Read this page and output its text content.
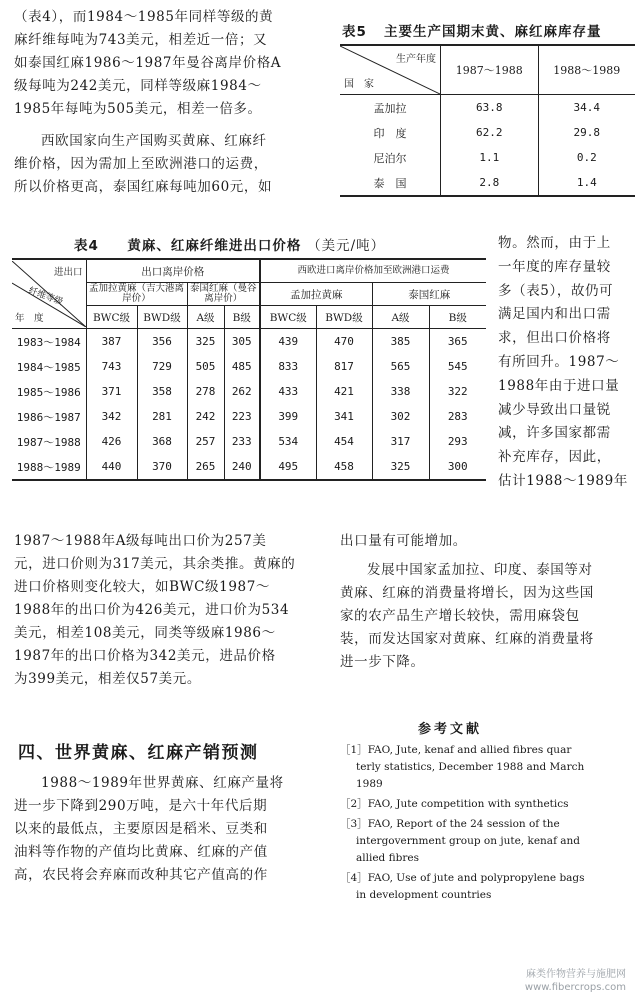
（表4），而1984～1985年同样等级的黄

麻纤维每吨为743美元，相差近一倍；又

如泰国红麻1986～1987年曼谷离岸价格A

级每吨为242美元，同样等级麻1984～

1985年每吨为505美元，相差一倍多。

西欧国家向生产国购买黄麻、红麻纤

维价格，因为需加上至欧洲港口的运费，

所以价格更高，泰国红麻每吨加60元，如

表5 主要生产国期末黄、麻红麻库存量
生产年度
国　家	1987～1988	1988～1989
孟加拉	63.8	34.4
印　度	62.2	29.8
尼泊尔	1.1	0.2
泰　国	2.8	1.4
表4 黄麻、红麻纤维进出口价格 （美元/吨）
进出口
纤维等级
年　度	出口离岸价格				西欧进口离岸价格加至欧洲港口运费			
	孟加拉黄麻（吉大港离岸价）		泰国红麻（曼谷离岸价）		孟加拉黄麻		泰国红麻	
	BWC级	BWD级	A级	B级	BWC级	BWD级	A级	B级
1983～1984	387	356	325	305	439	470	385	365
1984～1985	743	729	505	485	833	817	565	545
1985～1986	371	358	278	262	433	421	338	322
1986～1987	342	281	242	223	399	341	302	283
1987～1988	426	368	257	233	534	454	317	293
1988～1989	440	370	265	240	495	458	325	300

物。然而，由于上

一年度的库存量较

多（表5），故仍可

满足国内和出口需

求，但出口价格将

有所回升。1987～

1988年由于进口量

减少导致出口量锐

减，许多国家都需

补充库存，因此，

估计1988～1989年

1987～1988年A级每吨出口价为257美

元，进口价则为317美元，其余类推。黄麻的

进口价格则变化较大，如BWC级1987～

1988年的出口价为426美元，进口价为534

美元，相差108美元，同类等级麻1986～

1987年的出口价格为342美元，进品价格

为399美元，相差仅57美元。

出口量有可能增加。

发展中国家孟加拉、印度、泰国等对

黄麻、红麻的消费量将增长，因为这些国

家的农产品生产增长较快，需用麻袋包

装，而发达国家对黄麻、红麻的消费量将

进一步下降。

四、世界黄麻、红麻产销预测

1988～1989年世界黄麻、红麻产量将

进一步下降到290万吨，是六十年代后期

以来的最低点，主要原因是稻米、豆类和

油料等作物的产值均比黄麻、红麻的产值

高，农民将会弃麻而改种其它产值高的作

参考文献
［1］FAO, Jute, kenaf and allied fibres quar
terly statistics, December 1988 and March
1989
［2］FAO, Jute competition with synthetics
［3］FAO, Report of the 24 session of the
intergovernment group on jute, kenaf and
allied fibres
［4］FAO, Use of jute and polypropylene bags
in development countries
麻类作物营养与施肥网
www.fibercrops.com
